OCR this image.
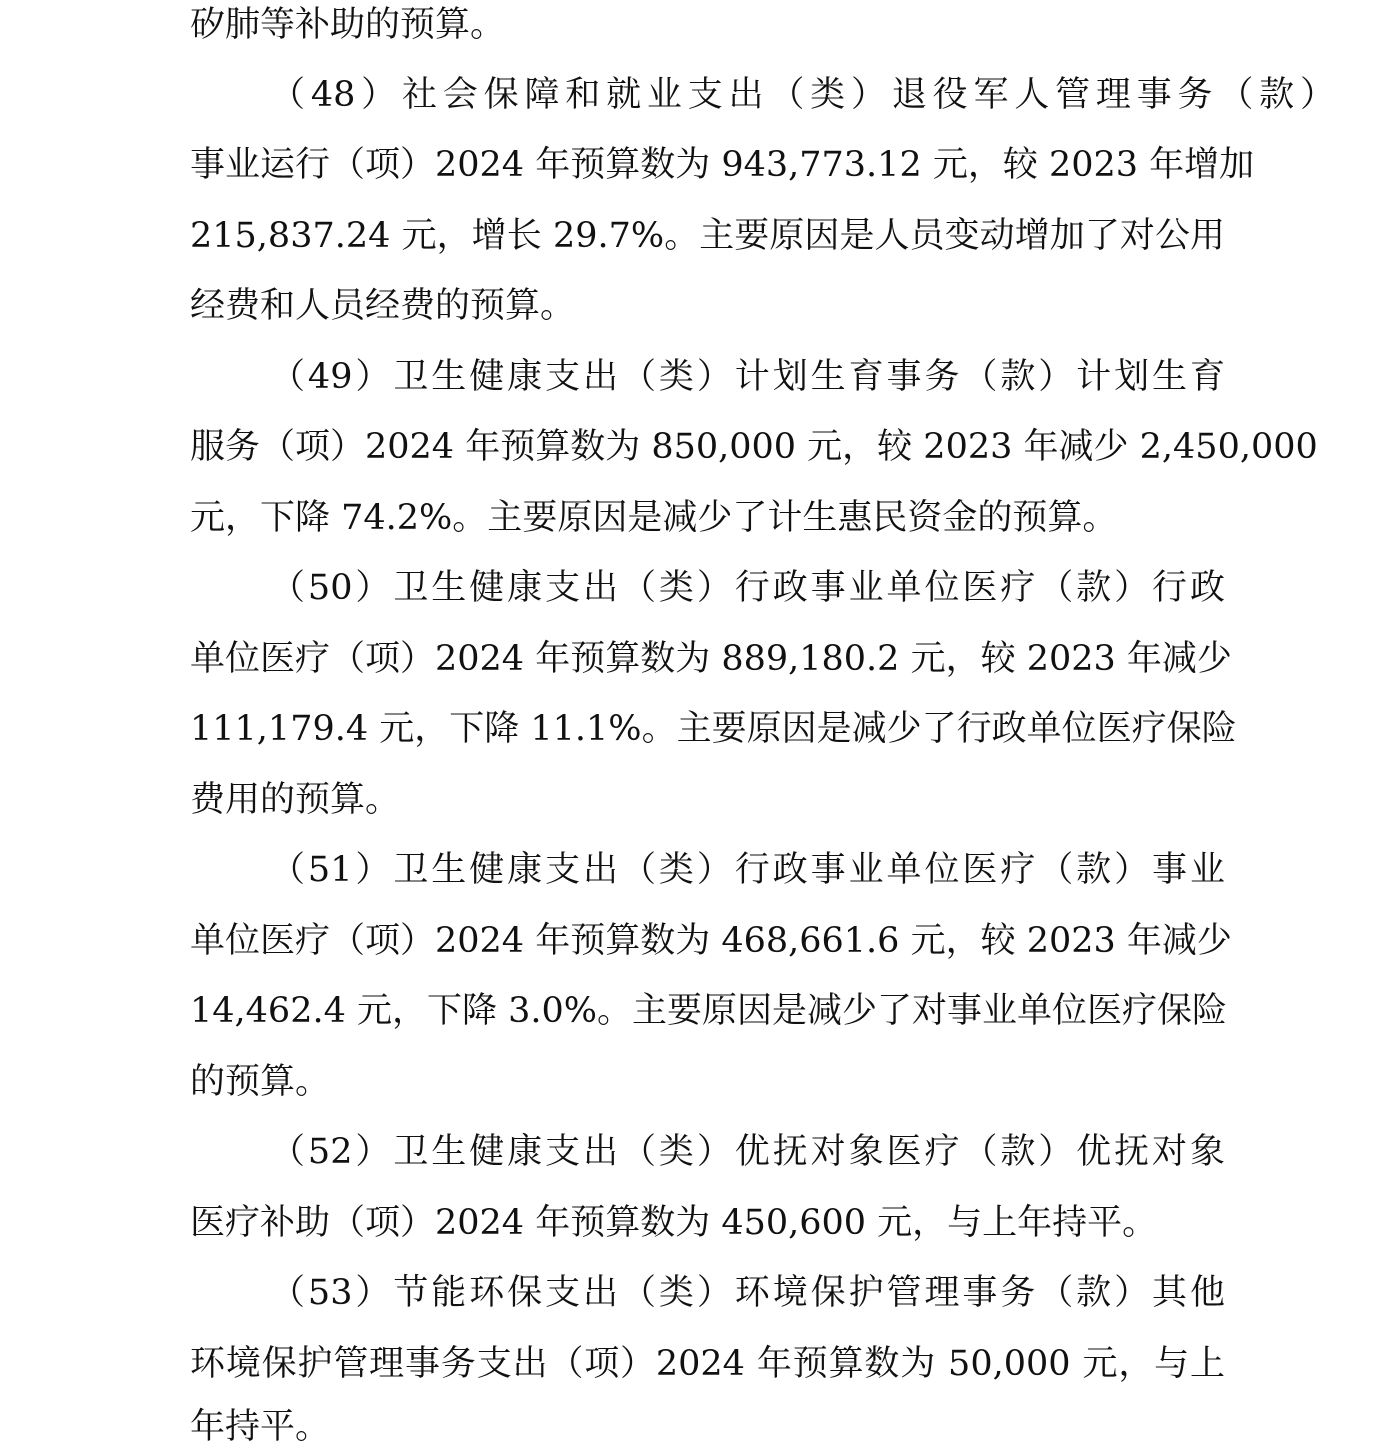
矽肺等补助的预算。
（48）社会保障和就业支出（类）退役军人管理事务（款）
事业运行（项）2024 年预算数为 943,773.12 元，较 2023 年增加
215,837.24 元，增长 29.7%。主要原因是人员变动增加了对公用
经费和人员经费的预算。
（49）卫生健康支出（类）计划生育事务（款）计划生育
服务（项）2024 年预算数为 850,000 元，较 2023 年减少 2,450,000
元，下降 74.2%。主要原因是减少了计生惠民资金的预算。
（50）卫生健康支出（类）行政事业单位医疗（款）行政
单位医疗（项）2024 年预算数为 889,180.2 元，较 2023 年减少
111,179.4 元，下降 11.1%。主要原因是减少了行政单位医疗保险
费用的预算。
（51）卫生健康支出（类）行政事业单位医疗（款）事业
单位医疗（项）2024 年预算数为 468,661.6 元，较 2023 年减少
14,462.4 元，下降 3.0%。主要原因是减少了对事业单位医疗保险
的预算。
（52）卫生健康支出（类）优抚对象医疗（款）优抚对象
医疗补助（项）2024 年预算数为 450,600 元，与上年持平。
（53）节能环保支出（类）环境保护管理事务（款）其他
环境保护管理事务支出（项）2024 年预算数为 50,000 元，与上
年持平。
